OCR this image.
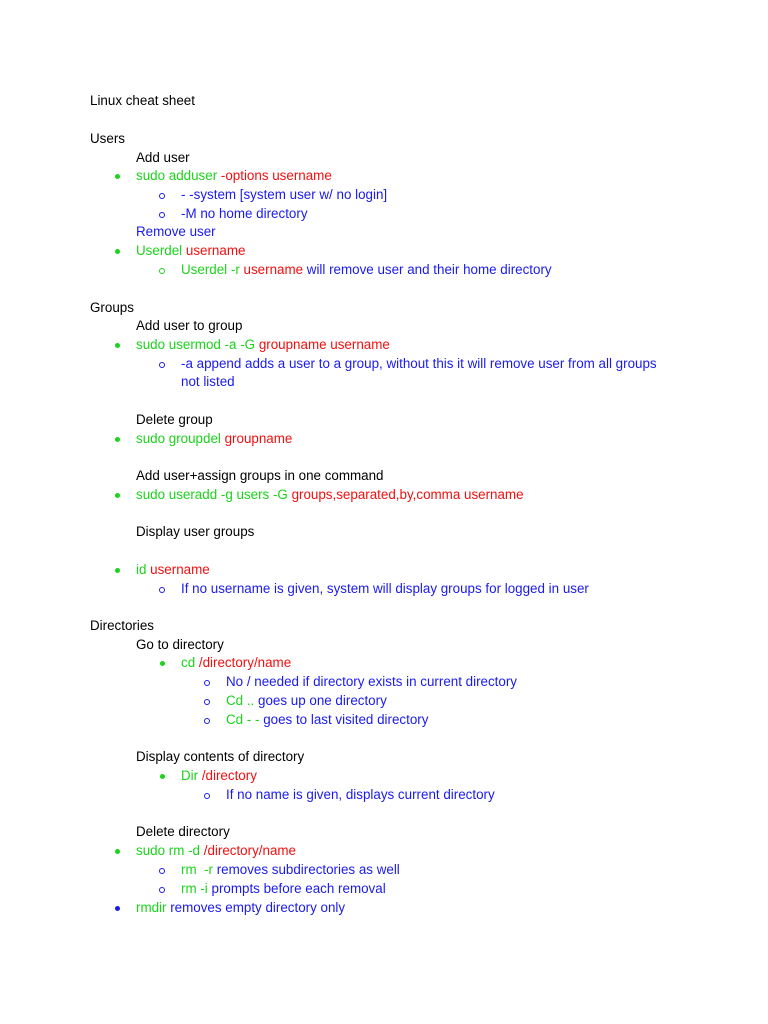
Linux cheat sheet
Users
Add user
sudo adduser -options username
- -system [system user w/ no login]
-M no home directory
Remove user
Userdel username
Userdel -r username will remove user and their home directory
Groups
Add user to group
sudo usermod -a -G groupname username
-a append adds a user to a group, without this it will remove user from all groups
not listed
Delete group
sudo groupdel groupname
Add user+assign groups in one command
sudo useradd -g users -G groups,separated,by,comma username
Display user groups
id username
If no username is given, system will display groups for logged in user
Directories
Go to directory
cd /directory/name
No / needed if directory exists in current directory
Cd .. goes up one directory
Cd - - goes to last visited directory
Display contents of directory
Dir /directory
If no name is given, displays current directory
Delete directory
sudo rm -d /directory/name
rm  -r removes subdirectories as well
rm -i prompts before each removal
rmdir removes empty directory only
